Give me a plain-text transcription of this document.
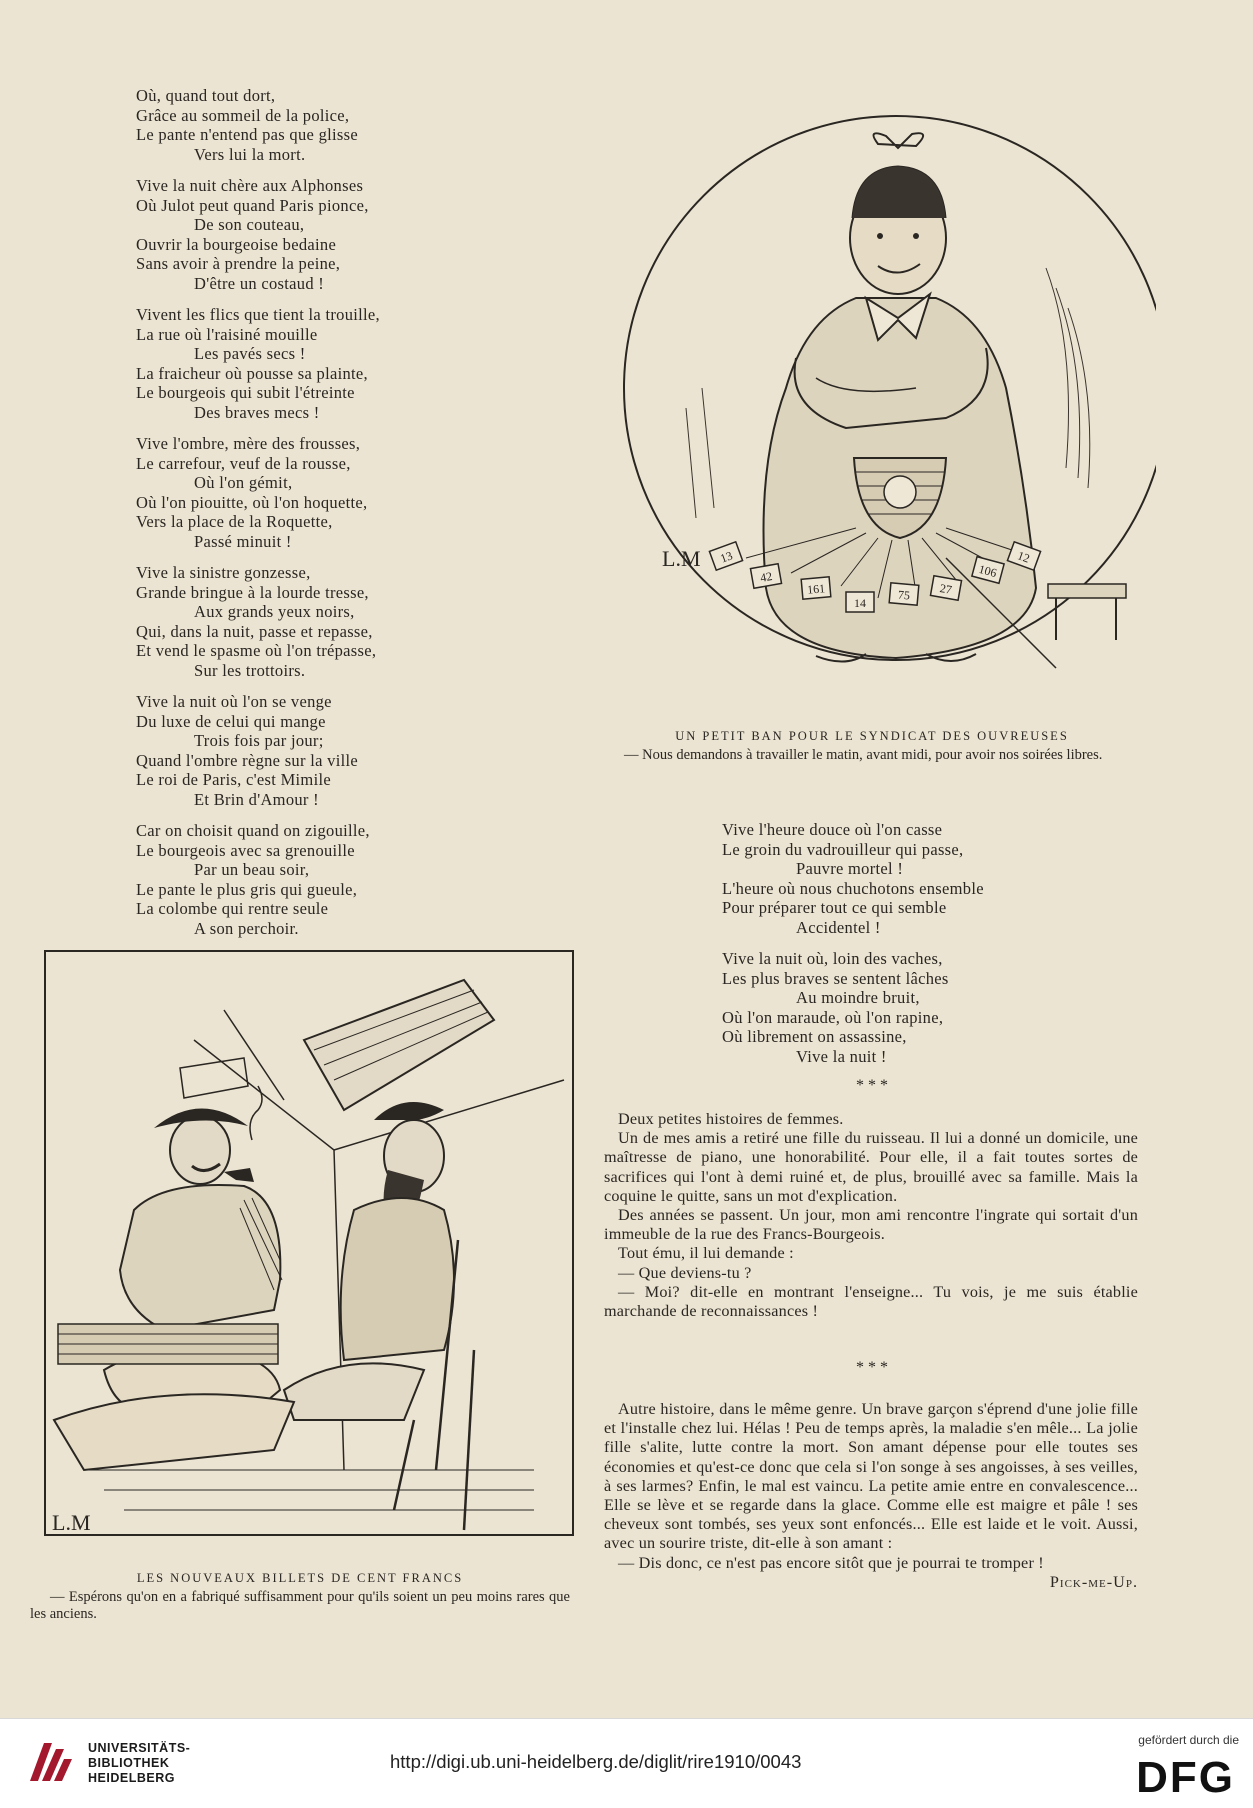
Où, quand tout dort,
Grâce au sommeil de la police,
Le pante n'entend pas que glisse
Vers lui la mort.
Vive la nuit chère aux Alphonses
Où Julot peut quand Paris pionce,
De son couteau,
Ouvrir la bourgeoise bedaine
Sans avoir à prendre la peine,
D'être un costaud !
Vivent les flics que tient la trouille,
La rue où l'raisiné mouille
Les pavés secs !
La fraicheur où pousse sa plainte,
Le bourgeois qui subit l'étreinte
Des braves mecs !
Vive l'ombre, mère des frousses,
Le carrefour, veuf de la rousse,
Où l'on gémit,
Où l'on piouitte, où l'on hoquette,
Vers la place de la Roquette,
Passé minuit !
Vive la sinistre gonzesse,
Grande bringue à la lourde tresse,
Aux grands yeux noirs,
Qui, dans la nuit, passe et repasse,
Et vend le spasme où l'on trépasse,
Sur les trottoirs.
Vive la nuit où l'on se venge
Du luxe de celui qui mange
Trois fois par jour;
Quand l'ombre règne sur la ville
Le roi de Paris, c'est Mimile
Et Brin d'Amour !
Car on choisit quand on zigouille,
Le bourgeois avec sa grenouille
Par un beau soir,
Le pante le plus gris qui gueule,
La colombe qui rentre seule
A son perchoir.
L.M 13
42
161
14
75 27
106
12
UN PETIT BAN POUR LE SYNDICAT DES OUVREUSES

— Nous demandons à travailler le matin, avant midi, pour avoir nos soirées libres.

Vive l'heure douce où l'on casse
Le groin du vadrouilleur qui passe,
Pauvre mortel !
L'heure où nous chuchotons ensemble
Pour préparer tout ce qui semble
Accidentel !
Vive la nuit où, loin des vaches,
Les plus braves se sentent lâches
Au moindre bruit,
Où l'on maraude, où l'on rapine,
Où librement on assassine,
Vive la nuit !
L.M
LES NOUVEAUX BILLETS DE CENT FRANCS

— Espérons qu'on en a fabriqué suffisamment pour qu'ils soient un peu moins rares que les anciens.

* * *

Deux petites histoires de femmes.

Un de mes amis a retiré une fille du ruisseau. Il lui a donné un domicile, une maîtresse de piano, une honorabilité. Pour elle, il a fait toutes sortes de sacrifices qui l'ont à demi ruiné et, de plus, brouillé avec sa famille. Mais la coquine le quitte, sans un mot d'explication.

Des années se passent. Un jour, mon ami rencontre l'ingrate qui sortait d'un immeuble de la rue des Francs-Bourgeois.

Tout ému, il lui demande :

— Que deviens-tu ?

— Moi? dit-elle en montrant l'enseigne... Tu vois, je me suis établie marchande de reconnaissances !

* * *

Autre histoire, dans le même genre. Un brave garçon s'éprend d'une jolie fille et l'installe chez lui. Hélas ! Peu de temps après, la maladie s'en mêle... La jolie fille s'alite, lutte contre la mort. Son amant dépense pour elle toutes ses économies et qu'est-ce donc que cela si l'on songe à ses angoisses, à ses veilles, à ses larmes? Enfin, le mal est vaincu. La petite amie entre en convalescence... Elle se lève et se regarde dans la glace. Comme elle est maigre et pâle ! ses cheveux sont tombés, ses yeux sont enfoncés... Elle est laide et le voit. Aussi, avec un sourire triste, dit-elle à son amant :

— Dis donc, ce n'est pas encore sitôt que je pourrai te tromper !
Pick-me-Up.

UNIVERSITÄTS-
BIBLIOTHEK
HEIDELBERG
http://digi.ub.uni-heidelberg.de/diglit/rire1910/0043
gefördert durch die
DFG
